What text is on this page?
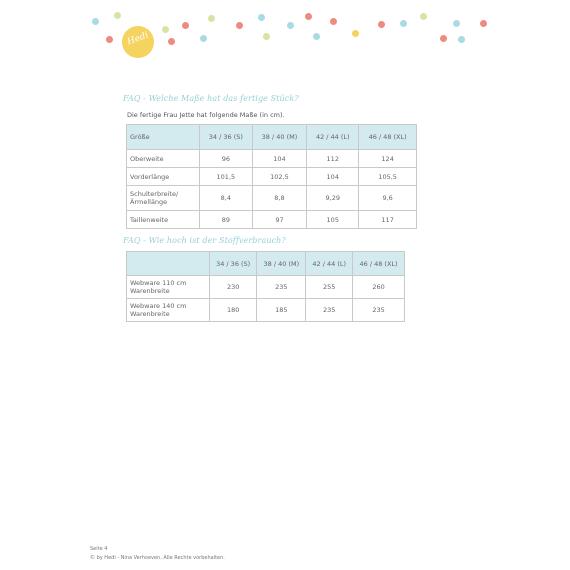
Hedi

FAQ - Welche Maße hat das fertige Stück?

Die fertige Frau Jette hat folgende Maße (in cm).

Größe	34 / 36 (S)	38 / 40 (M)	42 / 44 (L)	46 / 48 (XL)
Oberweite	96	104	112	124
Vorderlänge	101,5	102,5	104	105,5
Schulterbreite/ Ärmellänge	8,4	8,8	9,29	9,6
Taillenweite	89	97	105	117

FAQ - Wie hoch ist der Stoffverbrauch?

	34 / 36 (S)	38 / 40 (M)	42 / 44 (L)	46 / 48 (XL)
Webware 110 cm Warenbreite	230	235	255	260
Webware 140 cm Warenbreite	180	185	235	235

Seite 4

© by Hedi - Nina Verhoeven. Alle Rechte vorbehalten.
